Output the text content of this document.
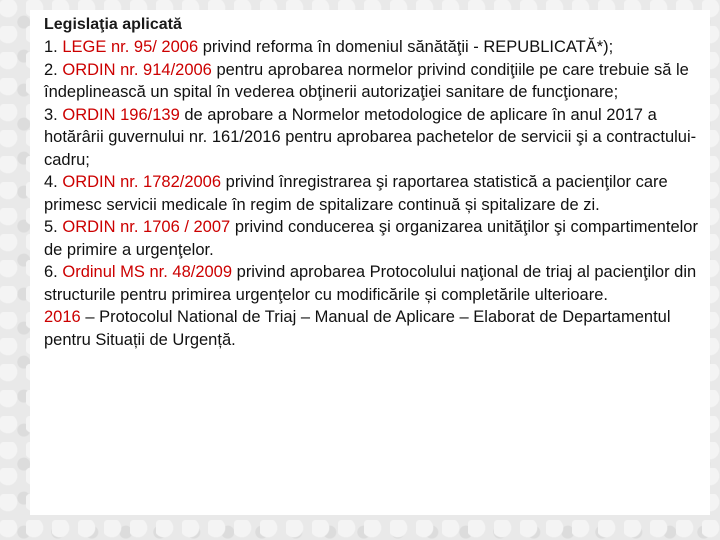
Legislaţia aplicată

1. LEGE nr. 95/ 2006 privind reforma în domeniul sănătăţii - REPUBLICATĂ*);

2. ORDIN nr. 914/2006 pentru aprobarea normelor privind condiţiile pe care trebuie să le îndeplinească un spital în vederea obţinerii autorizaţiei sanitare de funcţionare;

3. ORDIN 196/139 de aprobare a Normelor metodologice de aplicare în anul 2017 a hotărârii guvernului nr. 161/2016 pentru aprobarea pachetelor de servicii şi a contractului-cadru;

4. ORDIN nr. 1782/2006 privind înregistrarea şi raportarea statistică a pacienţilor care primesc servicii medicale în regim de spitalizare continuă și spitalizare de zi.

5. ORDIN nr. 1706 / 2007 privind conducerea şi organizarea unităţilor şi compartimentelor de primire a urgenţelor.

6. Ordinul MS nr. 48/2009 privind aprobarea Protocolului naţional de triaj al pacienţilor din structurile pentru primirea urgenţelor cu modificările și completările ulterioare.

2016 – Protocolul National de Triaj – Manual de Aplicare – Elaborat de Departamentul pentru Situații de Urgență.
